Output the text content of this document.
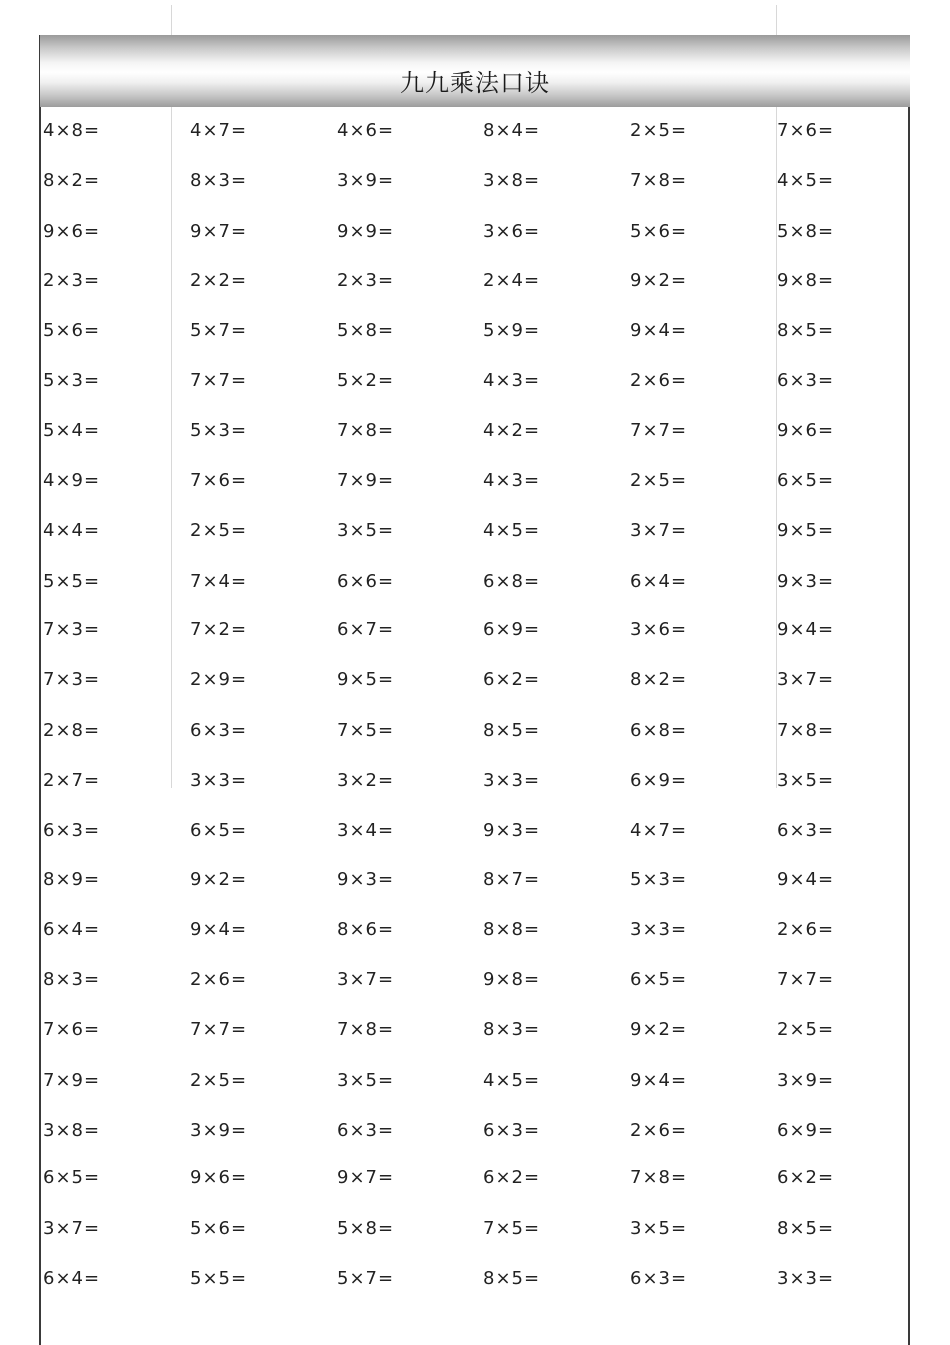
九九乘法口诀
4×8=	4×7=	4×6=	8×4=	2×5=	7×6=
8×2=	8×3=	3×9=	3×8=	7×8=	4×5=
9×6=	9×7=	9×9=	3×6=	5×6=	5×8=
2×3=	2×2=	2×3=	2×4=	9×2=	9×8=
5×6=	5×7=	5×8=	5×9=	9×4=	8×5=
5×3=	7×7=	5×2=	4×3=	2×6=	6×3=
5×4=	5×3=	7×8=	4×2=	7×7=	9×6=
4×9=	7×6=	7×9=	4×3=	2×5=	6×5=
4×4=	2×5=	3×5=	4×5=	3×7=	9×5=
5×5=	7×4=	6×6=	6×8=	6×4=	9×3=
7×3=	7×2=	6×7=	6×9=	3×6=	9×4=
7×3=	2×9=	9×5=	6×2=	8×2=	3×7=
2×8=	6×3=	7×5=	8×5=	6×8=	7×8=
2×7=	3×3=	3×2=	3×3=	6×9=	3×5=
6×3=	6×5=	3×4=	9×3=	4×7=	6×3=
8×9=	9×2=	9×3=	8×7=	5×3=	9×4=
6×4=	9×4=	8×6=	8×8=	3×3=	2×6=
8×3=	2×6=	3×7=	9×8=	6×5=	7×7=
7×6=	7×7=	7×8=	8×3=	9×2=	2×5=
7×9=	2×5=	3×5=	4×5=	9×4=	3×9=
3×8=	3×9=	6×3=	6×3=	2×6=	6×9=
6×5=	9×6=	9×7=	6×2=	7×8=	6×2=
3×7=	5×6=	5×8=	7×5=	3×5=	8×5=
6×4=	5×5=	5×7=	8×5=	6×3=	3×3=
